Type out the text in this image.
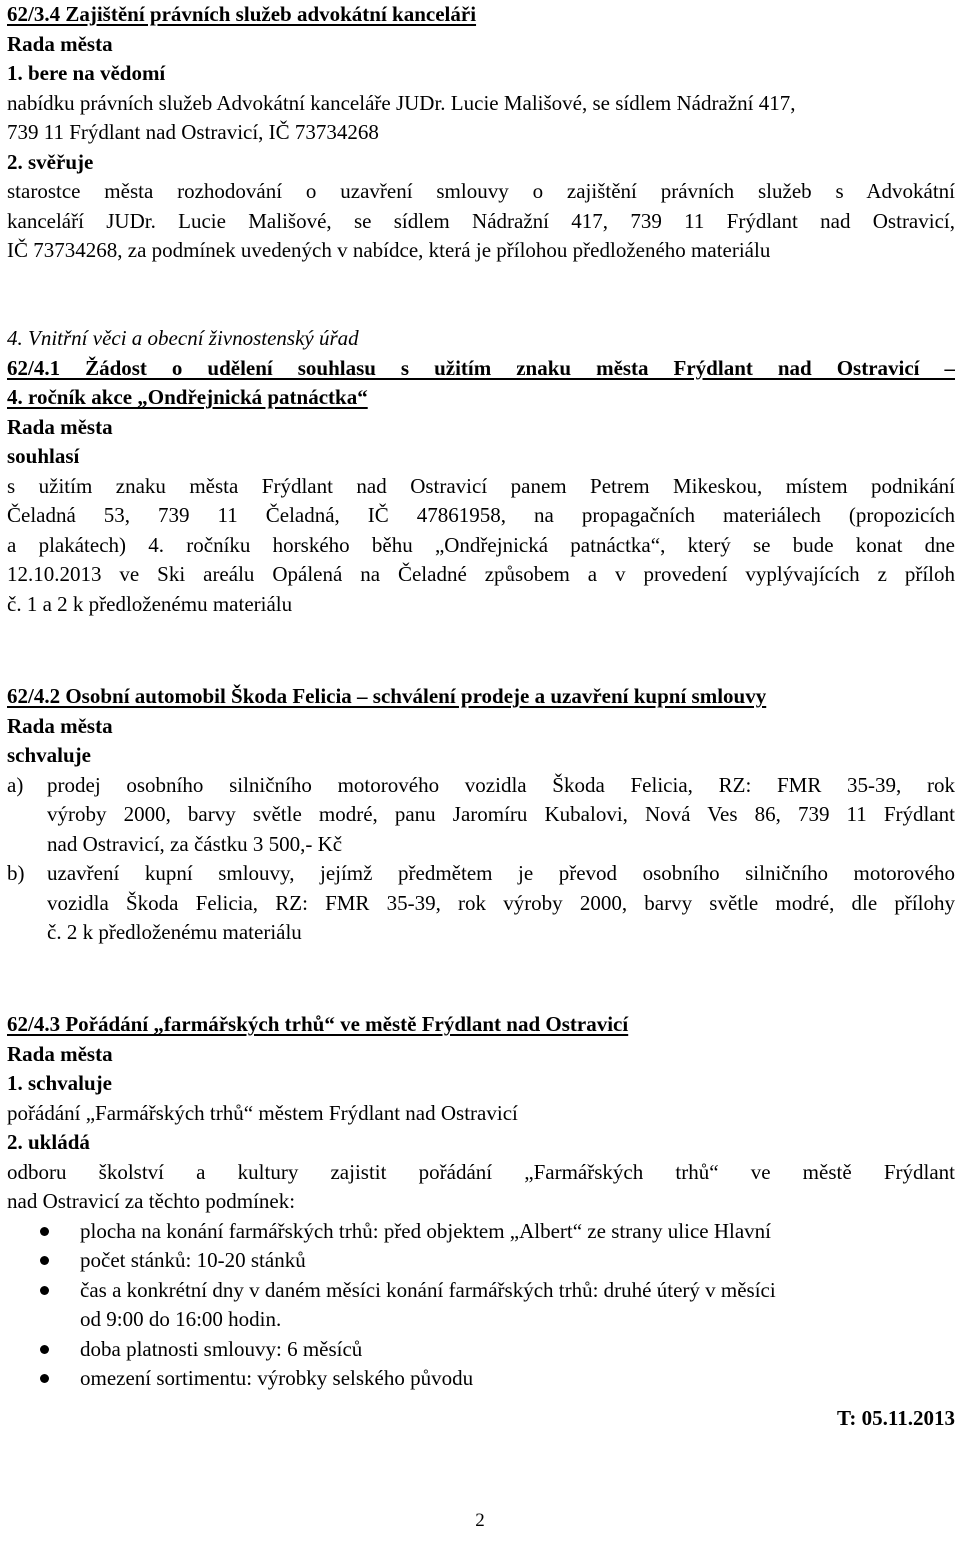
62/3.4 Zajištění právních služeb advokátní kanceláři
Rada města
1. bere na vědomí
nabídku právních služeb Advokátní kanceláře JUDr. Lucie Mališové, se sídlem Nádražní 417,
739 11 Frýdlant nad Ostravicí, IČ 73734268
2. svěřuje
starostce města rozhodování o uzavření smlouvy o zajištění právních služeb s Advokátní
kanceláří JUDr. Lucie Mališové, se sídlem Nádražní 417, 739 11 Frýdlant nad Ostravicí,
IČ 73734268, za podmínek uvedených v nabídce, která je přílohou předloženého materiálu
4. Vnitřní věci a obecní živnostenský úřad
62/4.1 Žádost o udělení souhlasu s užitím znaku města Frýdlant nad Ostravicí –
4. ročník akce „Ondřejnická patnáctka“
Rada města
souhlasí
s užitím znaku města Frýdlant nad Ostravicí panem Petrem Mikeskou, místem podnikání
Čeladná 53, 739 11 Čeladná, IČ 47861958, na propagačních materiálech (propozicích
a plakátech) 4. ročníku horského běhu „Ondřejnická patnáctka“, který se bude konat dne
12.10.2013 ve Ski areálu Opálená na Čeladné způsobem a v provedení vyplývajících z příloh
č. 1 a 2 k předloženému materiálu
62/4.2 Osobní automobil Škoda Felicia – schválení prodeje a uzavření kupní smlouvy
Rada města
schvaluje
a)	prodej osobního silničního motorového vozidla Škoda Felicia, RZ: FMR 35-39, rok
výroby 2000, barvy světle modré, panu Jaromíru Kubalovi, Nová Ves 86, 739 11 Frýdlant
nad Ostravicí, za částku 3 500,- Kč
b)	uzavření kupní smlouvy, jejímž předmětem je převod osobního silničního motorového
vozidla Škoda Felicia, RZ: FMR 35-39, rok výroby 2000, barvy světle modré, dle přílohy
č. 2 k předloženému materiálu
62/4.3 Pořádání „farmářských trhů“ ve městě Frýdlant nad Ostravicí
Rada města
1. schvaluje
pořádání „Farmářských trhů“ městem Frýdlant nad Ostravicí
2. ukládá
odboru školství a kultury zajistit pořádání „Farmářských trhů“ ve městě Frýdlant
nad Ostravicí za těchto podmínek:
plocha na konání farmářských trhů: před objektem „Albert“ ze strany ulice Hlavní
počet stánků: 10-20 stánků
čas a konkrétní dny v daném měsíci konání farmářských trhů: druhé úterý v měsíci
od 9:00 do 16:00 hodin.
doba platnosti smlouvy: 6 měsíců
omezení sortimentu: výrobky selského původu
T: 05.11.2013
2
